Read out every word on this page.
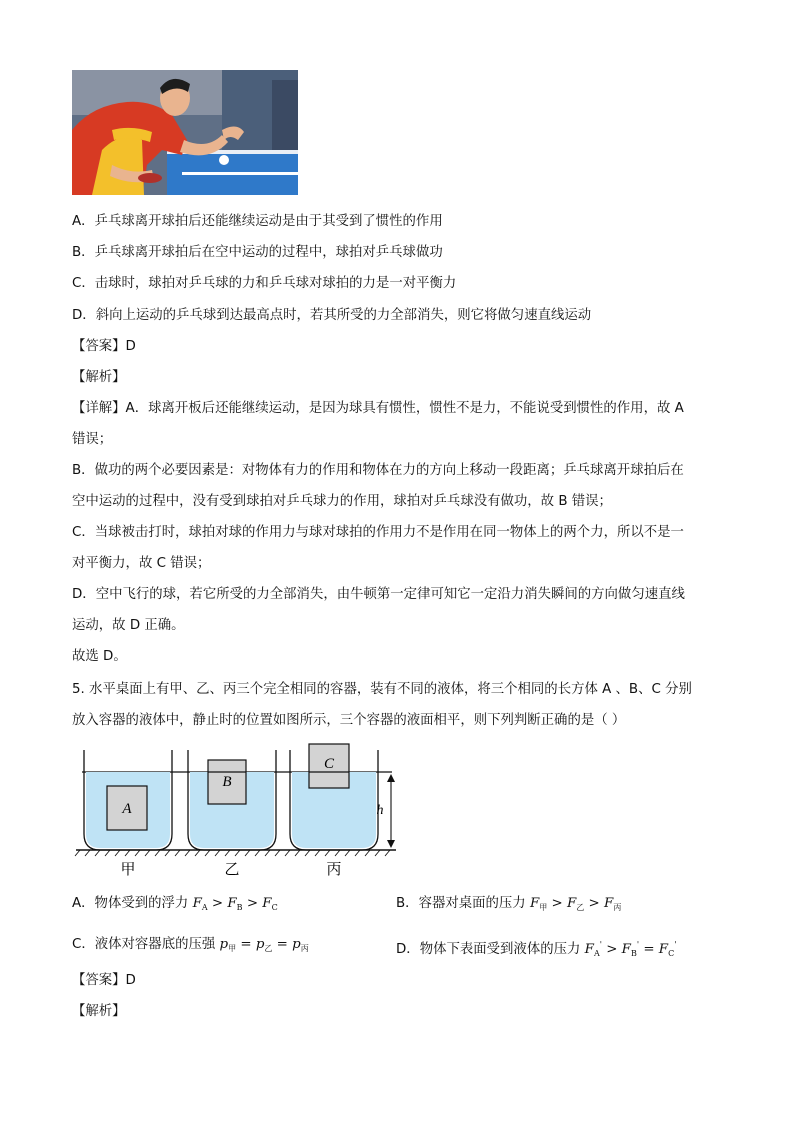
A．乒乓球离开球拍后还能继续运动是由于其受到了惯性的作用
B．乒乓球离开球拍后在空中运动的过程中，球拍对乒乓球做功
C．击球时，球拍对乒乓球的力和乒乓球对球拍的力是一对平衡力
D．斜向上运动的乒乓球到达最高点时，若其所受的力全部消失，则它将做匀速直线运动
【答案】D
【解析】
【详解】A．球离开板后还能继续运动，是因为球具有惯性，惯性不是力，不能说受到惯性的作用，故 A
错误；
B．做功的两个必要因素是：对物体有力的作用和物体在力的方向上移动一段距离；乒乓球离开球拍后在
空中运动的过程中，没有受到球拍对乒乓球力的作用，球拍对乒乓球没有做功，故 B 错误；
C．当球被击打时，球拍对球的作用力与球对球拍的作用力不是作用在同一物体上的两个力，所以不是一
对平衡力，故 C 错误；
D．空中飞行的球，若它所受的力全部消失，由牛顿第一定律可知它一定沿力消失瞬间的方向做匀速直线
运动，故 D 正确。
故选 D。
5. 水平桌面上有甲、乙、丙三个完全相同的容器，装有不同的液体，将三个相同的长方体 A 、B、C 分别
放入容器的液体中，静止时的位置如图所示，三个容器的液面相平，则下列判断正确的是（ ）
A
B
C
h
甲	乙	丙
A．物体受到的浮力 $F_A > F_B > F_C$	B．容器对桌面的压力 $F_甲 > F_乙 > F_丙$
C．液体对容器底的压强 $p_甲 = p_乙 = p_丙$	D．物体下表面受到液体的压力 $F_A' > F_B' = F_C'$
【答案】D
【解析】
